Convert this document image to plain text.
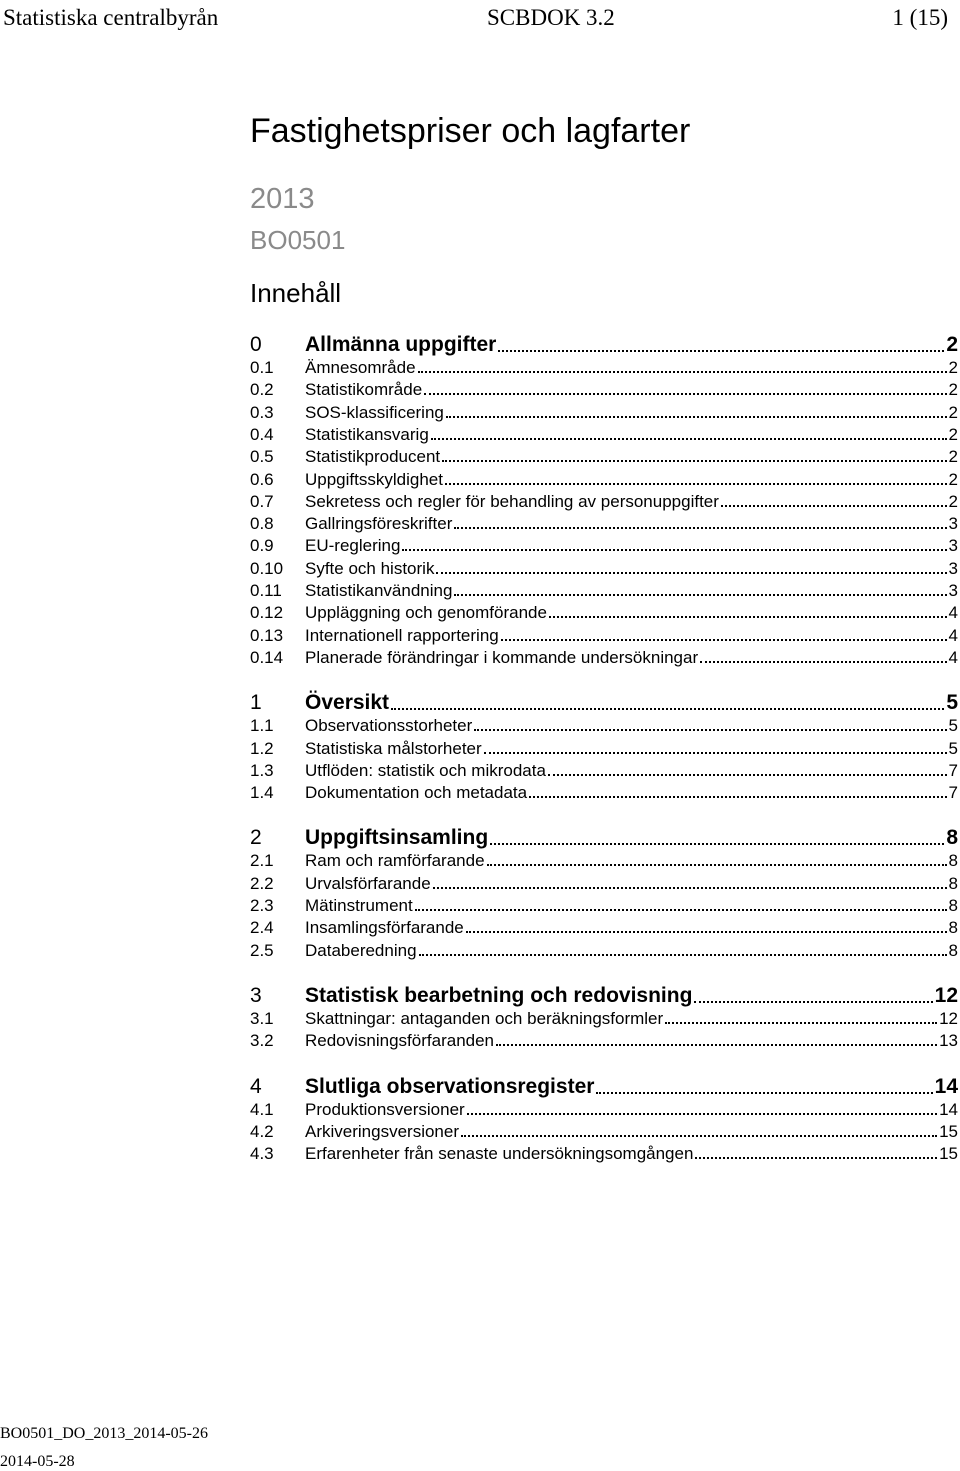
Statistiska centralbyrån	SCBDOK 3.2	1 (15)
Fastighetspriser och lagfarter
2013
BO0501
Innehåll
0	Allmänna uppgifter	2
0.1	Ämnesområde	2
0.2	Statistikområde	2
0.3	SOS-klassificering	2
0.4	Statistikansvarig	2
0.5	Statistikproducent	2
0.6	Uppgiftsskyldighet	2
0.7	Sekretess och regler för behandling av personuppgifter	2
0.8	Gallringsföreskrifter	3
0.9	EU-reglering	3
0.10	Syfte och historik	3
0.11	Statistikanvändning	3
0.12	Uppläggning och genomförande	4
0.13	Internationell rapportering	4
0.14	Planerade förändringar i kommande undersökningar	4
1	Översikt	5
1.1	Observationsstorheter	5
1.2	Statistiska målstorheter	5
1.3	Utflöden: statistik och mikrodata	7
1.4	Dokumentation och metadata	7
2	Uppgiftsinsamling	8
2.1	Ram och ramförfarande	8
2.2	Urvalsförfarande	8
2.3	Mätinstrument	8
2.4	Insamlingsförfarande	8
2.5	Databeredning	8
3	Statistisk bearbetning och redovisning	12
3.1	Skattningar: antaganden och beräkningsformler	12
3.2	Redovisningsförfaranden	13
4	Slutliga observationsregister	14
4.1	Produktionsversioner	14
4.2	Arkiveringsversioner	15
4.3	Erfarenheter från senaste undersökningsomgången	15
BO0501_DO_2013_2014-05-26
2014-05-28
